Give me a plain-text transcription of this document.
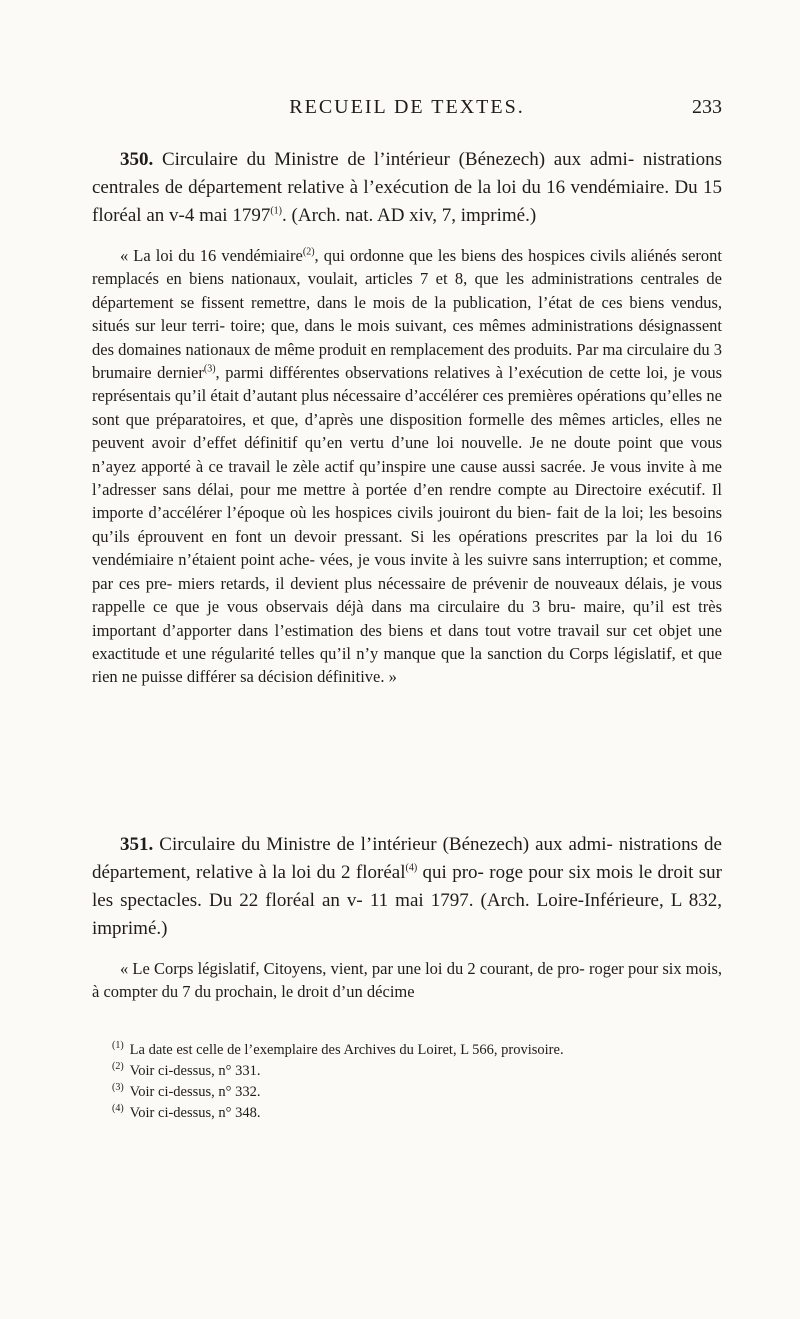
RECUEIL DE TEXTES.	233

350. Circulaire du Ministre de l’intérieur (Bénezech) aux admi- nistrations centrales de département relative à l’exécution de la loi du 16 vendémiaire. Du 15 floréal an v-4 mai 1797$^{(1)}$. (Arch. nat. AD xiv, 7, imprimé.)

« La loi du 16 vendémiaire$^{(2)}$, qui ordonne que les biens des hospices civils aliénés seront remplacés en biens nationaux, voulait, articles 7 et 8, que les administrations centrales de département se fissent remettre, dans le mois de la publication, l’état de ces biens vendus, situés sur leur terri- toire; que, dans le mois suivant, ces mêmes administrations désignassent des domaines nationaux de même produit en remplacement des produits. Par ma circulaire du 3 brumaire dernier$^{(3)}$, parmi différentes observations relatives à l’exécution de cette loi, je vous représentais qu’il était d’autant plus nécessaire d’accélérer ces premières opérations qu’elles ne sont que préparatoires, et que, d’après une disposition formelle des mêmes articles, elles ne peuvent avoir d’effet définitif qu’en vertu d’une loi nouvelle. Je ne doute point que vous n’ayez apporté à ce travail le zèle actif qu’inspire une cause aussi sacrée. Je vous invite à me l’adresser sans délai, pour me mettre à portée d’en rendre compte au Directoire exécutif. Il importe d’accélérer l’époque où les hospices civils jouiront du bien- fait de la loi; les besoins qu’ils éprouvent en font un devoir pressant. Si les opérations prescrites par la loi du 16 vendémiaire n’étaient point ache- vées, je vous invite à les suivre sans interruption; et comme, par ces pre- miers retards, il devient plus nécessaire de prévenir de nouveaux délais, je vous rappelle ce que je vous observais déjà dans ma circulaire du 3 bru- maire, qu’il est très important d’apporter dans l’estimation des biens et dans tout votre travail sur cet objet une exactitude et une régularité telles qu’il n’y manque que la sanction du Corps législatif, et que rien ne puisse différer sa décision définitive. »

351. Circulaire du Ministre de l’intérieur (Bénezech) aux admi- nistrations de département, relative à la loi du 2 floréal$^{(4)}$ qui pro- roge pour six mois le droit sur les spectacles. Du 22 floréal an v- 11 mai 1797. (Arch. Loire-Inférieure, L 832, imprimé.)

« Le Corps législatif, Citoyens, vient, par une loi du 2 courant, de pro- roger pour six mois, à compter du 7 du prochain, le droit d’un décime

$^{(1)}$ La date est celle de l’exemplaire des Archives du Loiret, L 566, provisoire.

$^{(2)}$ Voir ci-dessus, n° 331.

$^{(3)}$ Voir ci-dessus, n° 332.

$^{(4)}$ Voir ci-dessus, n° 348.
